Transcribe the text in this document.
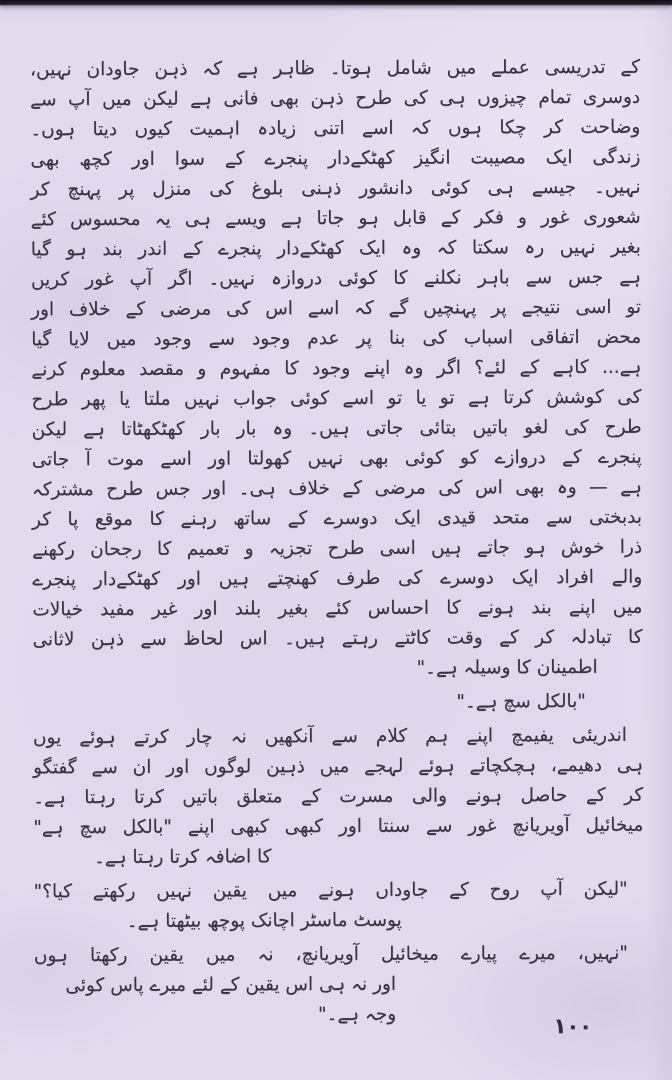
کے تدریسی عملے میں شامل ہوتا۔ ظاہر ہے کہ ذہن جاودان نہیں،
دوسری تمام چیزوں ہی کی طرح ذہن بھی فانی ہے لیکن میں آپ سے
وضاحت کر چکا ہوں کہ اسے اتنی زیادہ اہمیت کیوں دیتا ہوں۔
زندگی ایک مصیبت انگیز کھٹکےدار پنجرے کے سوا اور کچھ بھی
نہیں۔ جیسے ہی کوئی دانشور ذہنی بلوغ کی منزل پر پہنچ کر
شعوری غور و فکر کے قابل ہو جاتا ہے ویسے ہی یہ محسوس کئے
بغیر نہیں رہ سکتا کہ وہ ایک کھٹکےدار پنجرے کے اندر بند ہو گیا
ہے جس سے باہر نکلنے کا کوئی دروازہ نہیں۔ اگر آپ غور کریں
تو اسی نتیجے پر پہنچیں گے کہ اسے اس کی مرضی کے خلاف اور
محض اتفاقی اسباب کی بنا پر عدم وجود سے وجود میں لایا گیا
ہے... کاہے کے لئے؟ اگر وہ اپنے وجود کا مفہوم و مقصد معلوم کرنے
کی کوشش کرتا ہے تو یا تو اسے کوئی جواب نہیں ملتا یا پھر طرح
طرح کی لغو باتیں بتائی جاتی ہیں۔ وہ بار بار کھٹکھٹاتا ہے لیکن
پنجرے کے دروازے کو کوئی بھی نہیں کھولتا اور اسے موت آ جاتی
ہے — وہ بھی اس کی مرضی کے خلاف ہی۔ اور جس طرح مشترکہ
بدبختی سے متحد قیدی ایک دوسرے کے ساتھ رہنے کا موقع پا کر
ذرا خوش ہو جاتے ہیں اسی طرح تجزیہ و تعمیم کا رجحان رکھنے
والے افراد ایک دوسرے کی طرف کھنچتے ہیں اور کھٹکےدار پنجرے
میں اپنے بند ہونے کا احساس کئے بغیر بلند اور غیر مفید خیالات
کا تبادلہ کر کے وقت کاٹتے رہتے ہیں۔ اس لحاظ سے ذہن لاثانی
اطمینان کا وسیلہ ہے۔"
"بالکل سچ ہے۔"
اندریئی یفیمچ اپنے ہم کلام سے آنکھیں نہ چار کرتے ہوئے یوں
ہی دھیمے، ہچکچاتے ہوئے لہجے میں ذہین لوگوں اور ان سے گفتگو
کر کے حاصل ہونے والی مسرت کے متعلق باتیں کرتا رہتا ہے۔
میخائیل آویریانچ غور سے سنتا اور کبھی کبھی اپنے "بالکل سچ ہے"
کا اضافہ کرتا رہتا ہے۔
"لیکن آپ روح کے جاوداں ہونے میں یقین نہیں رکھتے کیا؟"
پوسٹ ماسٹر اچانک پوچھ بیٹھتا ہے۔
"نہیں، میرے پیارے میخائیل آویریانچ، نہ میں یقین رکھتا ہوں
اور نہ ہی اس یقین کے لئے میرے پاس کوئی وجہ ہے۔"	۱۰۰
